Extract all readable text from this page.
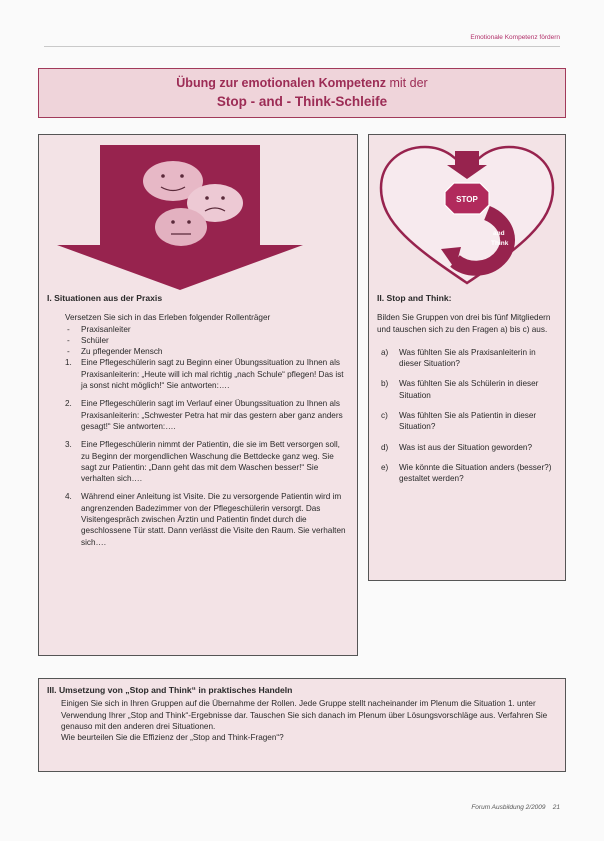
Emotionale Kompetenz fördern
Übung zur emotionalen Kompetenz mit der
Stop - and - Think-Schleife
I. Situationen aus der Praxis
Versetzen Sie sich in das Erleben folgender Rollenträger
- Praxisanleiter
- Schüler
- Zu pflegender Mensch
1. Eine Pflegeschülerin sagt zu Beginn einer Übungssituation zu Ihnen als Praxisanleiterin: „Heute will ich mal richtig „nach Schule“ pflegen! Das ist ja sonst nicht möglich!“ Sie antworten:….
2. Eine Pflegeschülerin sagt im Verlauf einer Übungssituation zu Ihnen als Praxisanleiterin: „Schwester Petra hat mir das gestern aber ganz anders gesagt!“ Sie antworten:….
3. Eine Pflegeschülerin nimmt der Patientin, die sie im Bett versorgen soll, zu Beginn der morgendlichen Waschung die Bettdecke ganz weg. Sie sagt zur Patientin: „Dann geht das mit dem Waschen besser!“ Sie verhalten sich….
4. Während einer Anleitung ist Visite. Die zu versorgende Patientin wird im angrenzenden Badezimmer von der Pflegeschülerin versorgt. Das Visitengespräch zwischen Ärztin und Patientin findet durch die geschlossene Tür statt. Dann verlässt die Visite den Raum. Sie verhalten sich….
STOP
and
Think
II. Stop and Think:
Bilden Sie Gruppen von drei bis fünf Mitgliedern und tauschen sich zu den Fragen a) bis c) aus.
a) Was fühlten Sie als Praxisanleiterin in dieser Situation?
b) Was fühlten Sie als Schülerin in dieser Situation
c) Was fühlten Sie als Patientin in dieser Situation?
d) Was ist aus der Situation geworden?
e) Wie könnte die Situation anders (besser?) gestaltet werden?
III. Umsetzung von „Stop and Think“ in praktisches Handeln
Einigen Sie sich in Ihren Gruppen auf die Übernahme der Rollen. Jede Gruppe stellt nacheinander im Plenum die Situation 1. unter Verwendung Ihrer „Stop and Think“-Ergebnisse dar. Tauschen Sie sich danach im Plenum über Lösungsvorschläge aus. Verfahren Sie genauso mit den anderen drei Situationen.
Wie beurteilen Sie die Effizienz der „Stop and Think-Fragen“?
Forum Ausbildung 2/2009 21
